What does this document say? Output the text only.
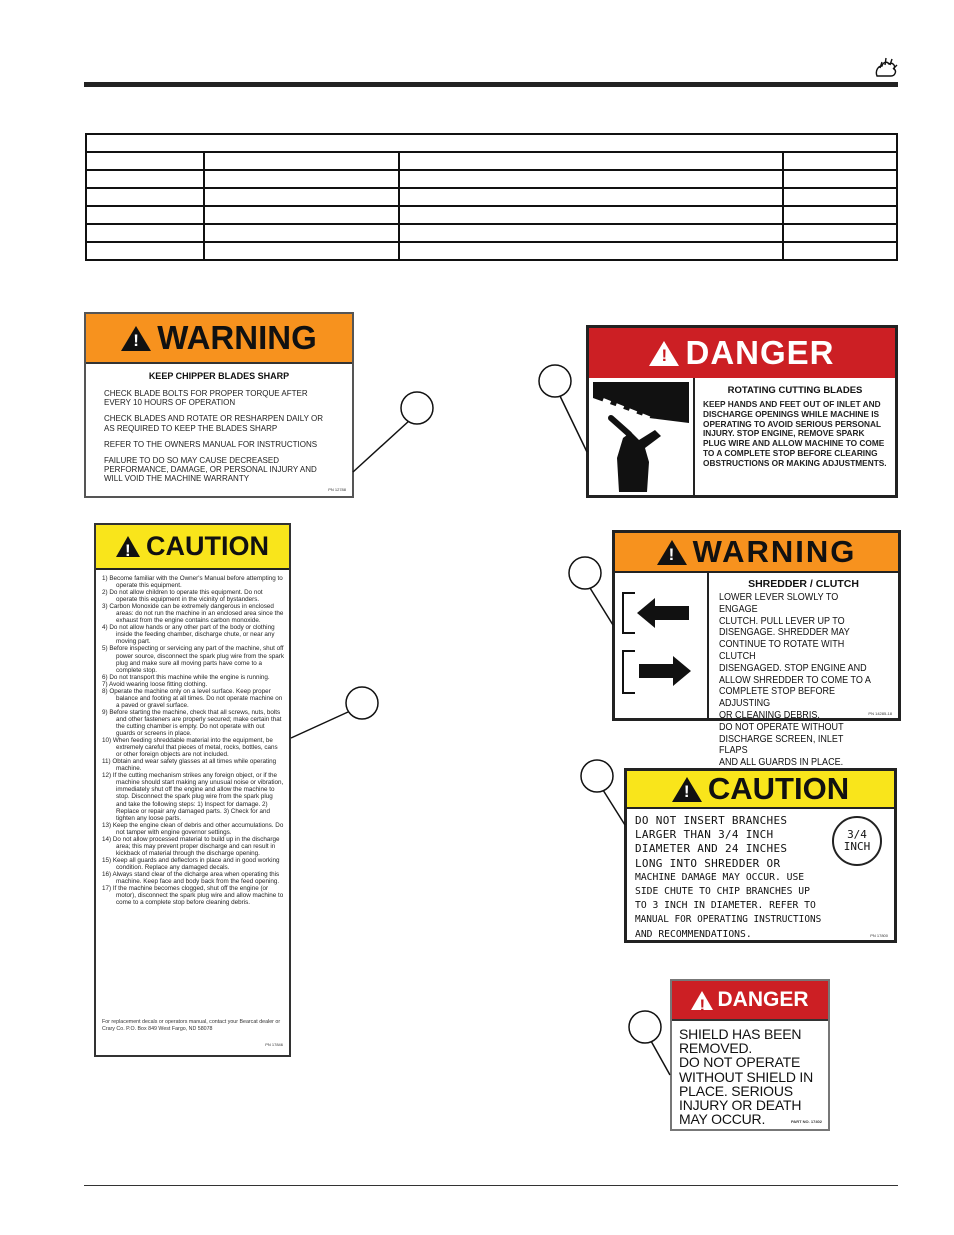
!
WARNING
KEEP CHIPPER BLADES SHARP
CHECK BLADE BOLTS FOR PROPER TORQUE AFTER EVERY 10 HOURS OF OPERATION
CHECK BLADES AND ROTATE OR RESHARPEN DAILY OR AS REQUIRED TO KEEP THE BLADES SHARP
REFER TO THE OWNERS MANUAL FOR INSTRUCTIONS
FAILURE TO DO SO MAY CAUSE DECREASED PERFORMANCE, DAMAGE, OR PERSONAL INJURY AND WILL VOID THE MACHINE WARRANTY
PN 12788
!
DANGER
ROTATING CUTTING BLADES
KEEP HANDS AND FEET OUT OF INLET AND DISCHARGE OPENINGS WHILE MACHINE IS OPERATING TO AVOID SERIOUS PERSONAL INJURY. STOP ENGINE, REMOVE SPARK PLUG WIRE AND ALLOW MACHINE TO COME TO A COMPLETE STOP BEFORE CLEARING OBSTRUCTIONS OR MAKING ADJUSTMENTS.
!
CAUTION
1) Become familiar with the Owner's Manual before attempting to operate this equipment.
2) Do not allow children to operate this equipment. Do not operate this equipment in the vicinity of bystanders.
3) Carbon Monoxide can be extremely dangerous in enclosed areas: do not run the machine in an enclosed area since the exhaust from the engine contains carbon monoxide.
4) Do not allow hands or any other part of the body or clothing inside the feeding chamber, discharge chute, or near any moving part.
5) Before inspecting or servicing any part of the machine, shut off power source, disconnect the spark plug wire from the spark plug and make sure all moving parts have come to a complete stop.
6) Do not transport this machine while the engine is running.
7) Avoid wearing loose fitting clothing.
8) Operate the machine only on a level surface. Keep proper balance and footing at all times. Do not operate machine on a paved or gravel surface.
9) Before starting the machine, check that all screws, nuts, bolts and other fasteners are properly secured; make certain that the cutting chamber is empty. Do not operate with out guards or screens in place.
10) When feeding shreddable material into the equipment, be extremely careful that pieces of metal, rocks, bottles, cans or other foreign objects are not included.
11) Obtain and wear safety glasses at all times while operating machine.
12) If the cutting mechanism strikes any foreign object, or if the machine should start making any unusual noise or vibration, immediately shut off the engine and allow the machine to stop. Disconnect the spark plug wire from the spark plug and take the following steps: 1) Inspect for damage. 2) Replace or repair any damaged parts. 3) Check for and tighten any loose parts.
13) Keep the engine clean of debris and other accumulations. Do not tamper with engine governor settings.
14) Do not allow processed material to build up in the discharge area; this may prevent proper discharge and can result in kickback of material through the discharge opening.
15) Keep all guards and deflectors in place and in good working condition. Replace any damaged decals.
16) Always stand clear of the dicharge area when operating this machine. Keep face and body back from the feed opening.
17) If the machine becomes clogged, shut off the engine (or motor), disconnect the spark plug wire and allow machine to come to a complete stop before cleaning debris.
For replacement decals or operators manual, contact your Bearcat dealer or Crary Co. P.O. Box 849 West Fargo, ND 58078
PN 17846
!
WARNING
SHREDDER / CLUTCH
LOWER LEVER SLOWLY TO ENGAGE
CLUTCH. PULL LEVER UP TO
DISENGAGE. SHREDDER MAY
CONTINUE TO ROTATE WITH CLUTCH
DISENGAGED. STOP ENGINE AND
ALLOW SHREDDER TO COME TO A
COMPLETE STOP BEFORE ADJUSTING
OR CLEANING DEBRIS.
DO NOT OPERATE WITHOUT
DISCHARGE SCREEN, INLET FLAPS
AND ALL GUARDS IN PLACE.
PN 14285-18
!
CAUTION
DO NOT INSERT BRANCHES
LARGER THAN 3/4 INCH
DIAMETER AND 24 INCHES
LONG INTO SHREDDER OR
MACHINE DAMAGE MAY OCCUR. USE
SIDE CHUTE TO CHIP BRANCHES UP
TO 3 INCH IN DIAMETER. REFER TO
MANUAL FOR OPERATING INSTRUCTIONS
AND RECOMMENDATIONS.
3/4
INCH
PN 17800
!
DANGER
SHIELD HAS BEEN
REMOVED.
DO NOT OPERATE
WITHOUT SHIELD IN
PLACE. SERIOUS
INJURY OR DEATH
MAY OCCUR.	PART NO. 17402
